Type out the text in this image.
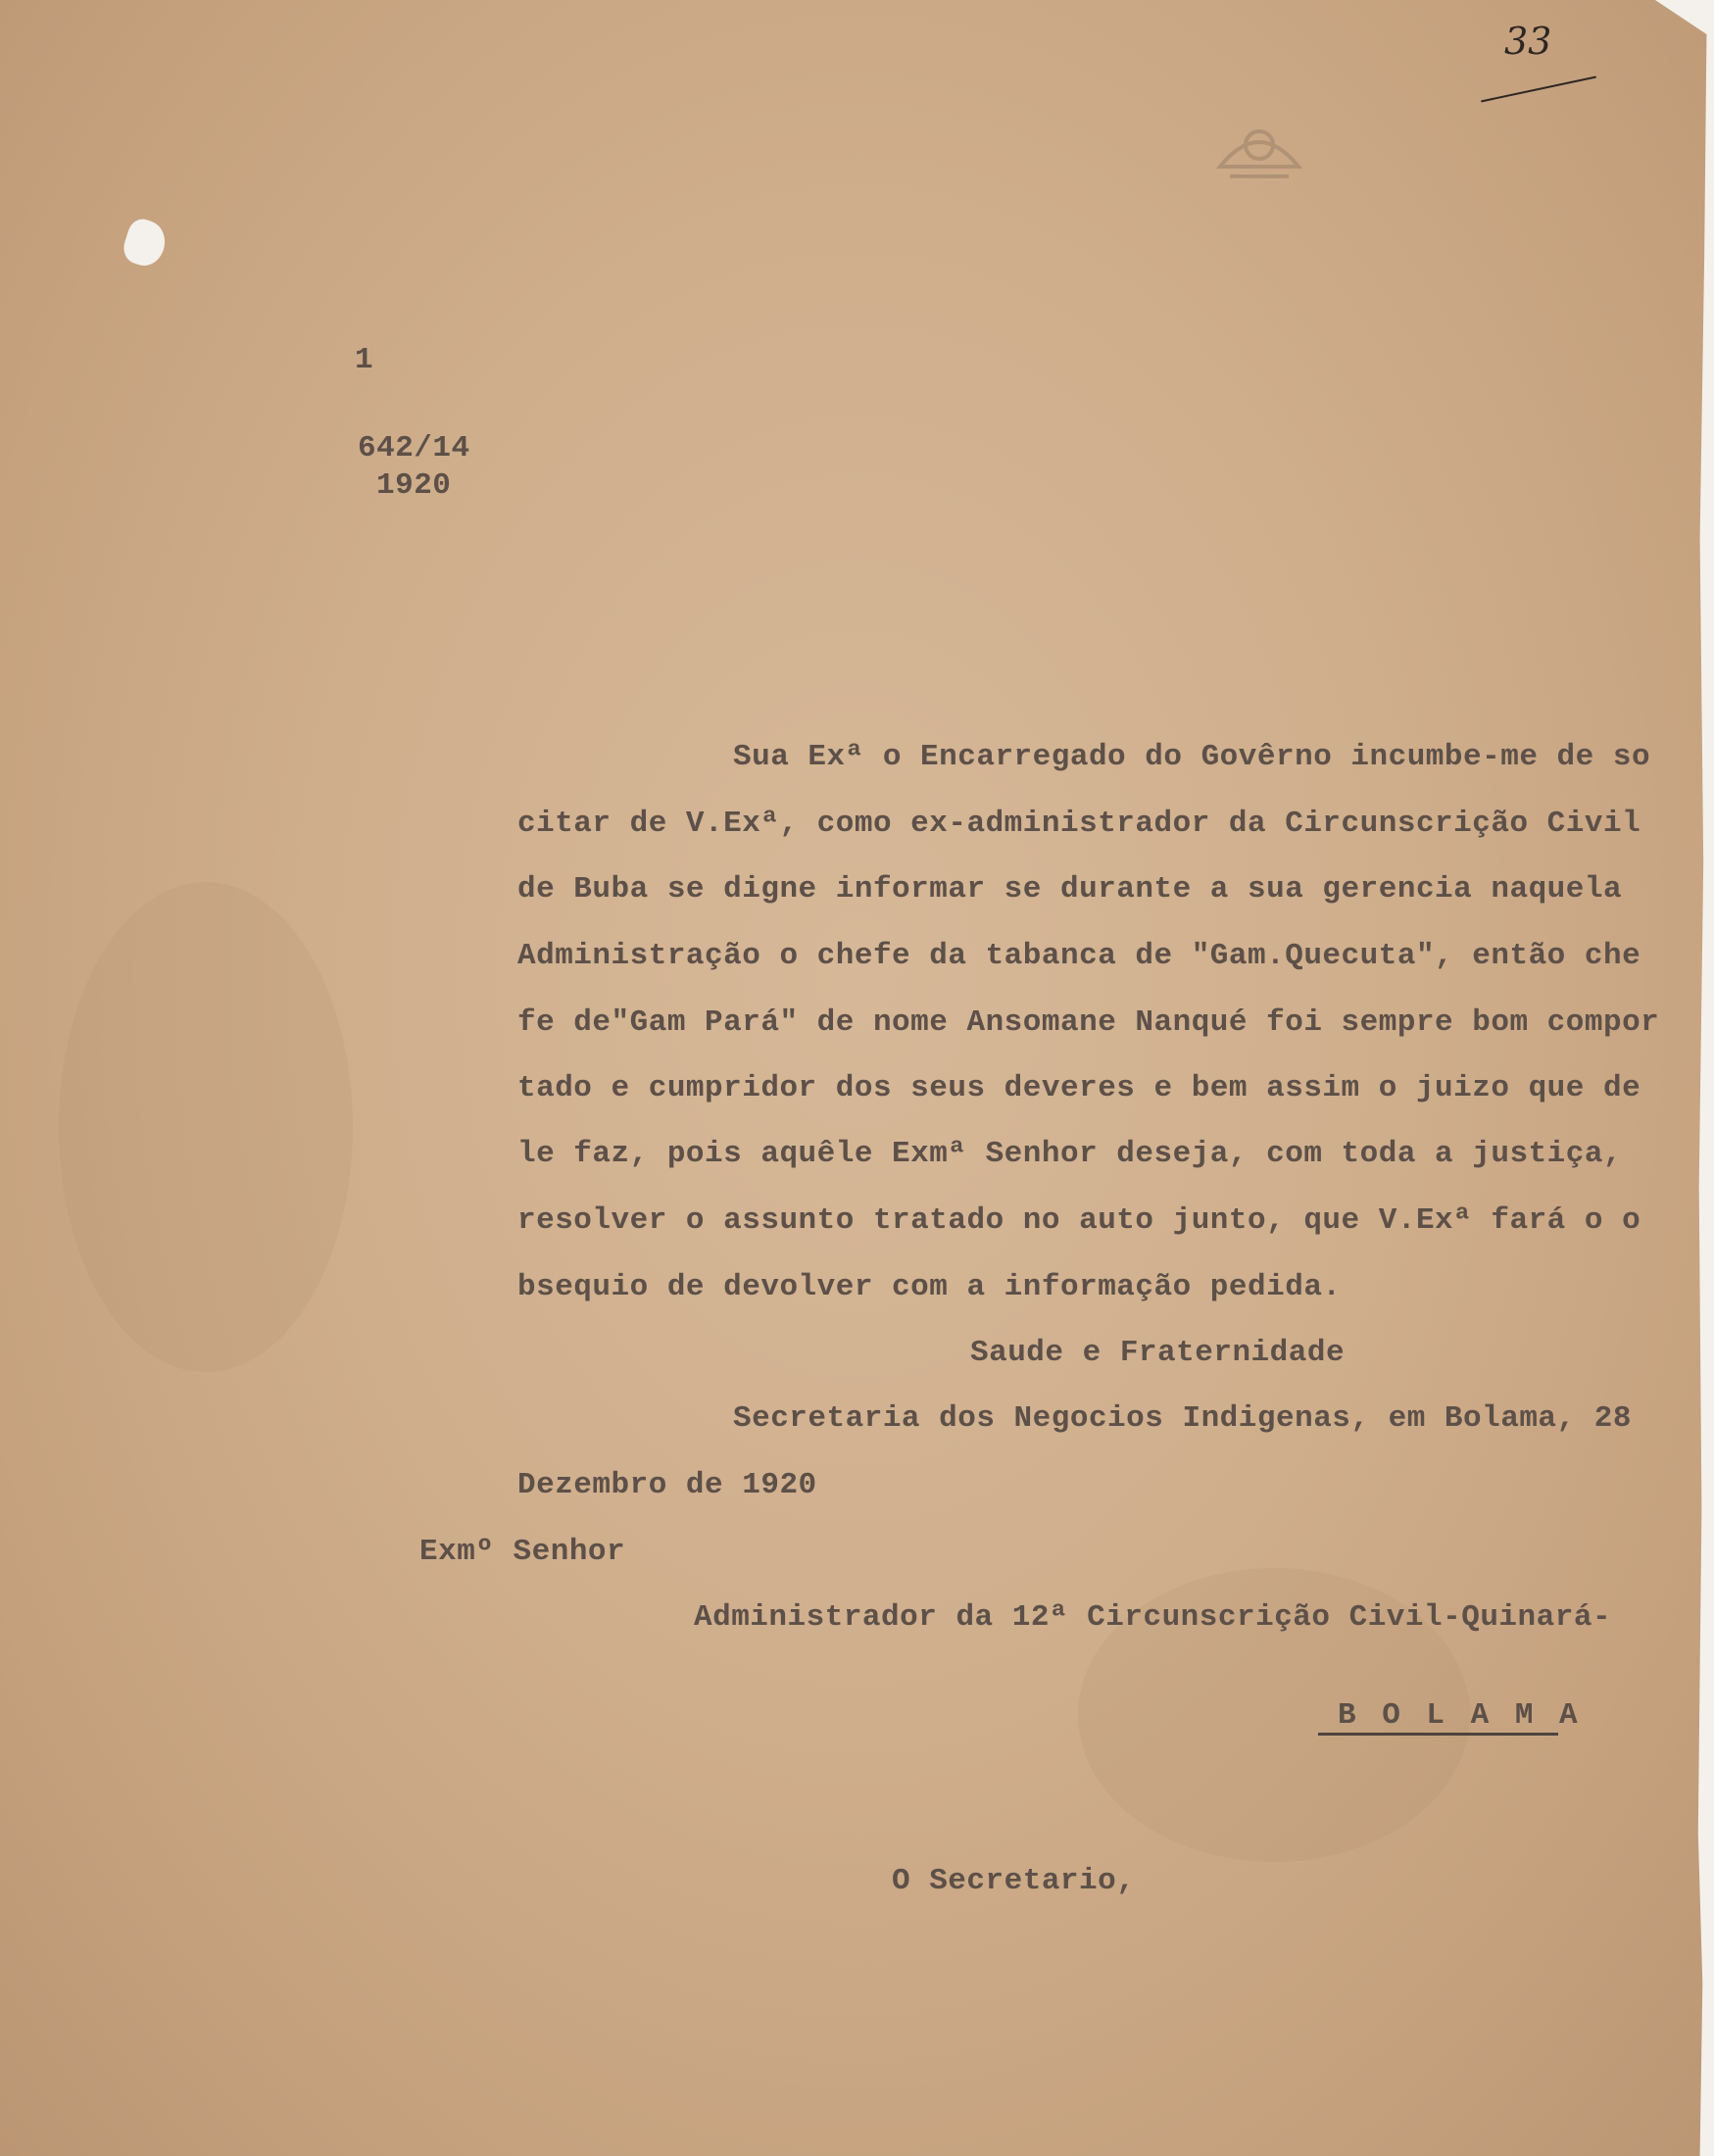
33

1

642/14

1920

Sua Exª o Encarregado do Govêrno incumbe-me de so

citar de V.Exª, como ex-administrador da Circunscrição Civil

de Buba se digne informar se durante a sua gerencia naquela

Administração o chefe da tabanca de "Gam.Quecuta", então che

fe de"Gam Pará" de nome Ansomane Nanqué foi sempre bom compor

tado e cumpridor dos seus deveres e bem assim o juizo que de

le faz, pois aquêle Exmª Senhor deseja, com toda a justiça,

resolver o assunto tratado no auto junto, que V.Exª fará o o

bsequio de devolver com a informação pedida.

Saude e Fraternidade

Secretaria dos Negocios Indigenas, em Bolama, 28

Dezembro de 1920

Exmº Senhor

Administrador da 12ª Circunscrição Civil-Quinará-

B O L A M A

O Secretario,
